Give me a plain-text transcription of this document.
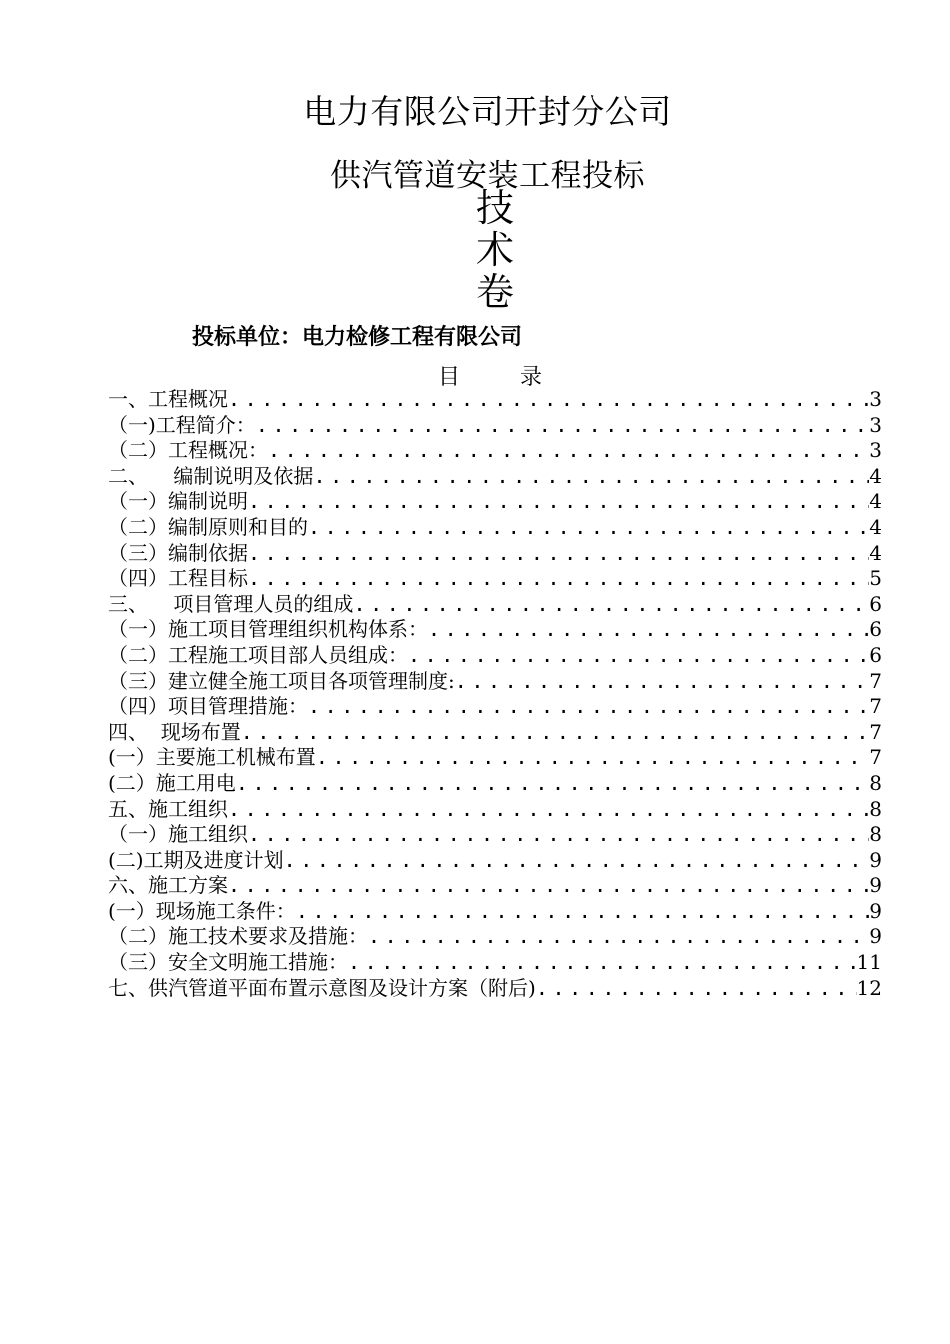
电力有限公司开封分公司
供汽管道安装工程投标
技
术
卷
投标单位：电力检修工程有限公司
目	录
一、工程概况 .....	3
（一)工程简介： .....	3
（二）工程概况： .....	3
二、    编制说明及依据 .....	4
（一）编制说明 .....	4
（二）编制原则和目的 .....	4
（三）编制依据 .....	4
（四）工程目标 .....	5
三、    项目管理人员的组成 .....	6
（一）施工项目管理组织机构体系： .....	6
（二）工程施工项目部人员组成： .....	6
（三）建立健全施工项目各项管理制度: .....	7
（四）项目管理措施： .....	7
四、  现场布置 .....	7
(一）主要施工机械布置 .....	7
(二）施工用电 .....	8
五、施工组织 .....	8
（一）施工组织 .....	8
(二)工期及进度计划 .....	9
六、施工方案 .....	9
(一）现场施工条件： .....	9
（二）施工技术要求及措施： .....	9
（三）安全文明施工措施： .....	11
七、供汽管道平面布置示意图及设计方案（附后) .....	12
